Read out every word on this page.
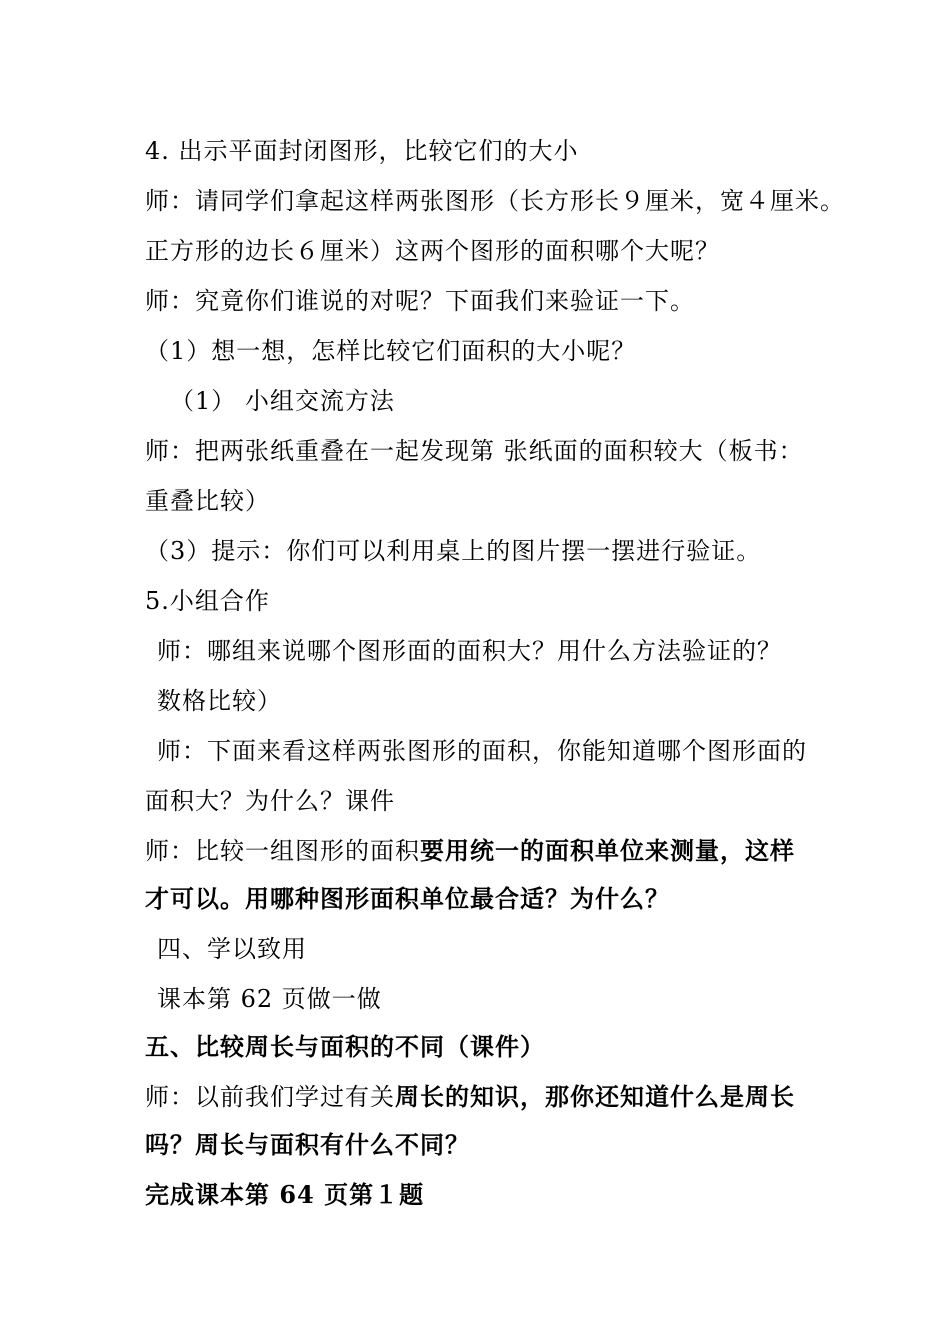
4. 出示平面封闭图形，比较它们的大小
师：请同学们拿起这样两张图形（长方形长９厘米，宽４厘米。
正方形的边长６厘米）这两个图形的面积哪个大呢？
师：究竟你们谁说的对呢？下面我们来验证一下。
（1）想一想，怎样比较它们面积的大小呢？
（1） 小组交流方法
师：把两张纸重叠在一起发现第 张纸面的面积较大（板书：
重叠比较）
（3）提示：你们可以利用桌上的图片摆一摆进行验证。
5.小组合作
师：哪组来说哪个图形面的面积大？用什么方法验证的？
数格比较）
师：下面来看这样两张图形的面积，你能知道哪个图形面的
面积大？为什么？课件
师：比较一组图形的面积要用统一的面积单位来测量，这样
才可以。用哪种图形面积单位最合适？为什么？
四、学以致用
课本第 62 页做一做
五、比较周长与面积的不同（课件）
师：以前我们学过有关周长的知识，那你还知道什么是周长
吗？周长与面积有什么不同？
完成课本第 64 页第１题
